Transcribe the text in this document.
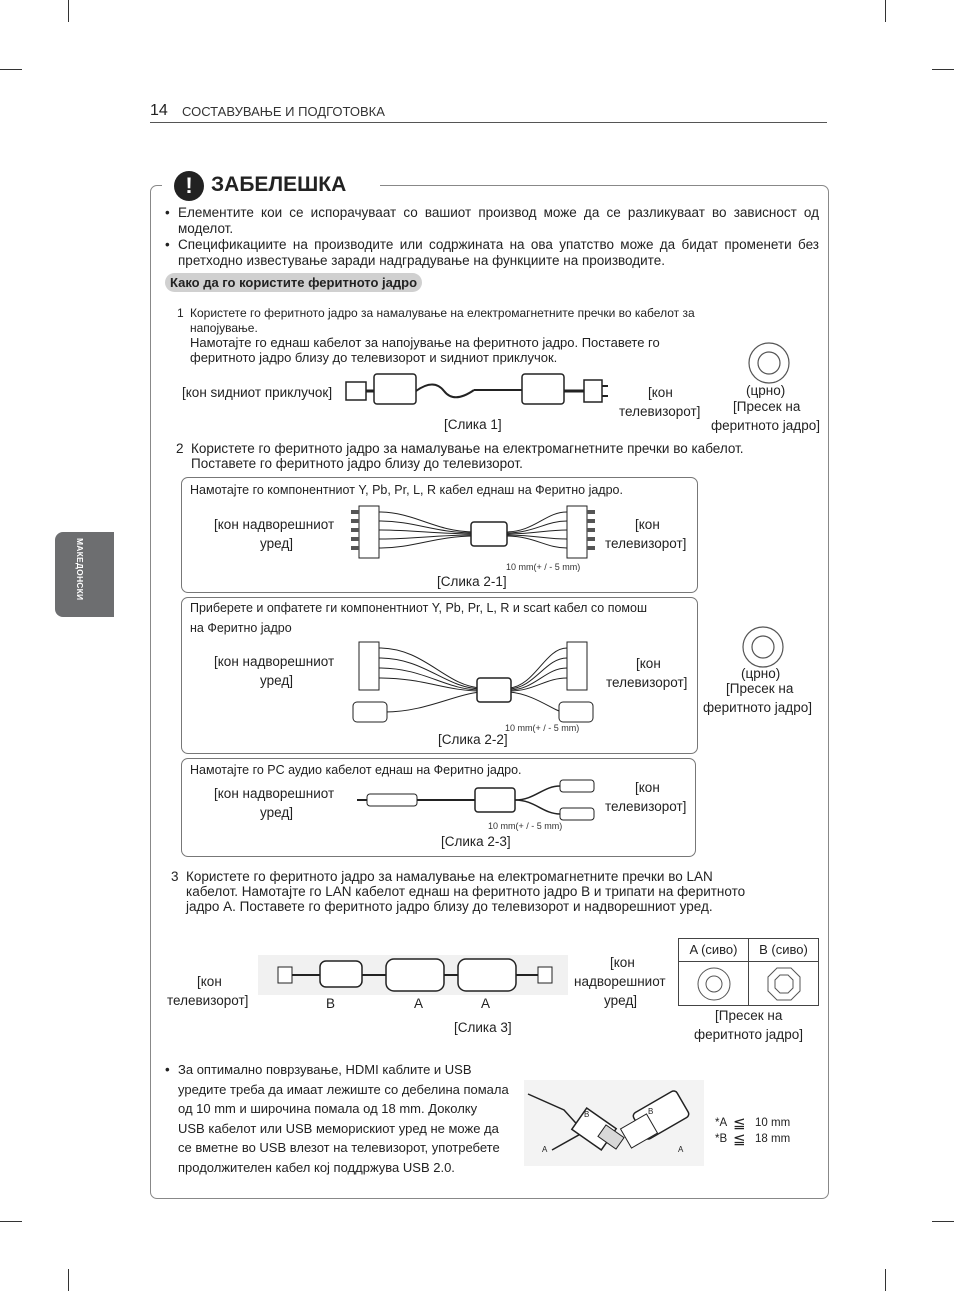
14 СОСТАВУВАЊЕ И ПОДГОТОВКА
МАКЕДОНСКИ
! ЗАБЕЛЕШКА
• Елементите кои се испорачуваат со вашиот производ може да се разликуваат во зависност од моделот.
• Спецификациите на производите или содржината на ова упатство може да бидат променети без претходно известување заради надградување на функциите на производите.
Како да го користите феритното јадро
1 Користете го феритното јадро за намалување на електромагнетните пречки во кабелот за напојување.
Намотајте го еднаш кабелот за напојување на феритното јадро. Поставете го феритното јадро близу до телевизорот и ѕидниот приклучок.
[кон ѕидниот приклучок]	[кон
телевизорот]
[Слика 1]
(црно)
[Пресек на
феритното јадро]
2 Користете го феритното јадро за намалување на електромагнетните пречки во кабелот.
Поставете го феритното јадро близу до телевизорот.
Намотајте го компонентниот Y, Pb, Pr, L, R кабел еднаш на Феритно јадро.
[кон надворешниот
уред]
[кон
телевизорот]
10 mm(+ / - 5 mm)
[Слика 2-1]
Приберете и опфатете ги компонентниот Y, Pb, Pr, L, R и scart кабел со помош
на Феритно јадро
[кон надворешниот
уред]
[кон
телевизорот]
10 mm(+ / - 5 mm)
[Слика 2-2]
Намотајте го PC аудио кабелот еднаш на Феритно јадро.
[кон надворешниот
уред]
[кон
телевизорот]
10 mm(+ / - 5 mm)
[Слика 2-3]
(црно)
[Пресек на
феритното јадро]
3 Користете го феритното јадро за намалување на електромагнетните пречки во LAN
кабелот. Намотајте го LAN кабелот еднаш на феритното јадро B и трипати на феритното
јадро A. Поставете го феритното јадро близу до телевизорот и надворешниот уред.
[кон
телевизорот]	B	A	A
[кон
надворешниот
уред]
[Слика 3]
A (сиво)	B (сиво)
[Пресек на
феритното јадро]
• За оптимално поврзување, HDMI каблите и USB
уредите треба да имаат лежиште со дебелина помала
од 10 mm и широчина помала од 18 mm. Доколку
USB кабелот или USB меморискиот уред не може да
се вметне во USB влезот на телевизорот, употребете
продолжителен кабел кој поддржува USB 2.0.
B
A
B
A
*A ≦ 10 mm
*B ≦ 18 mm
